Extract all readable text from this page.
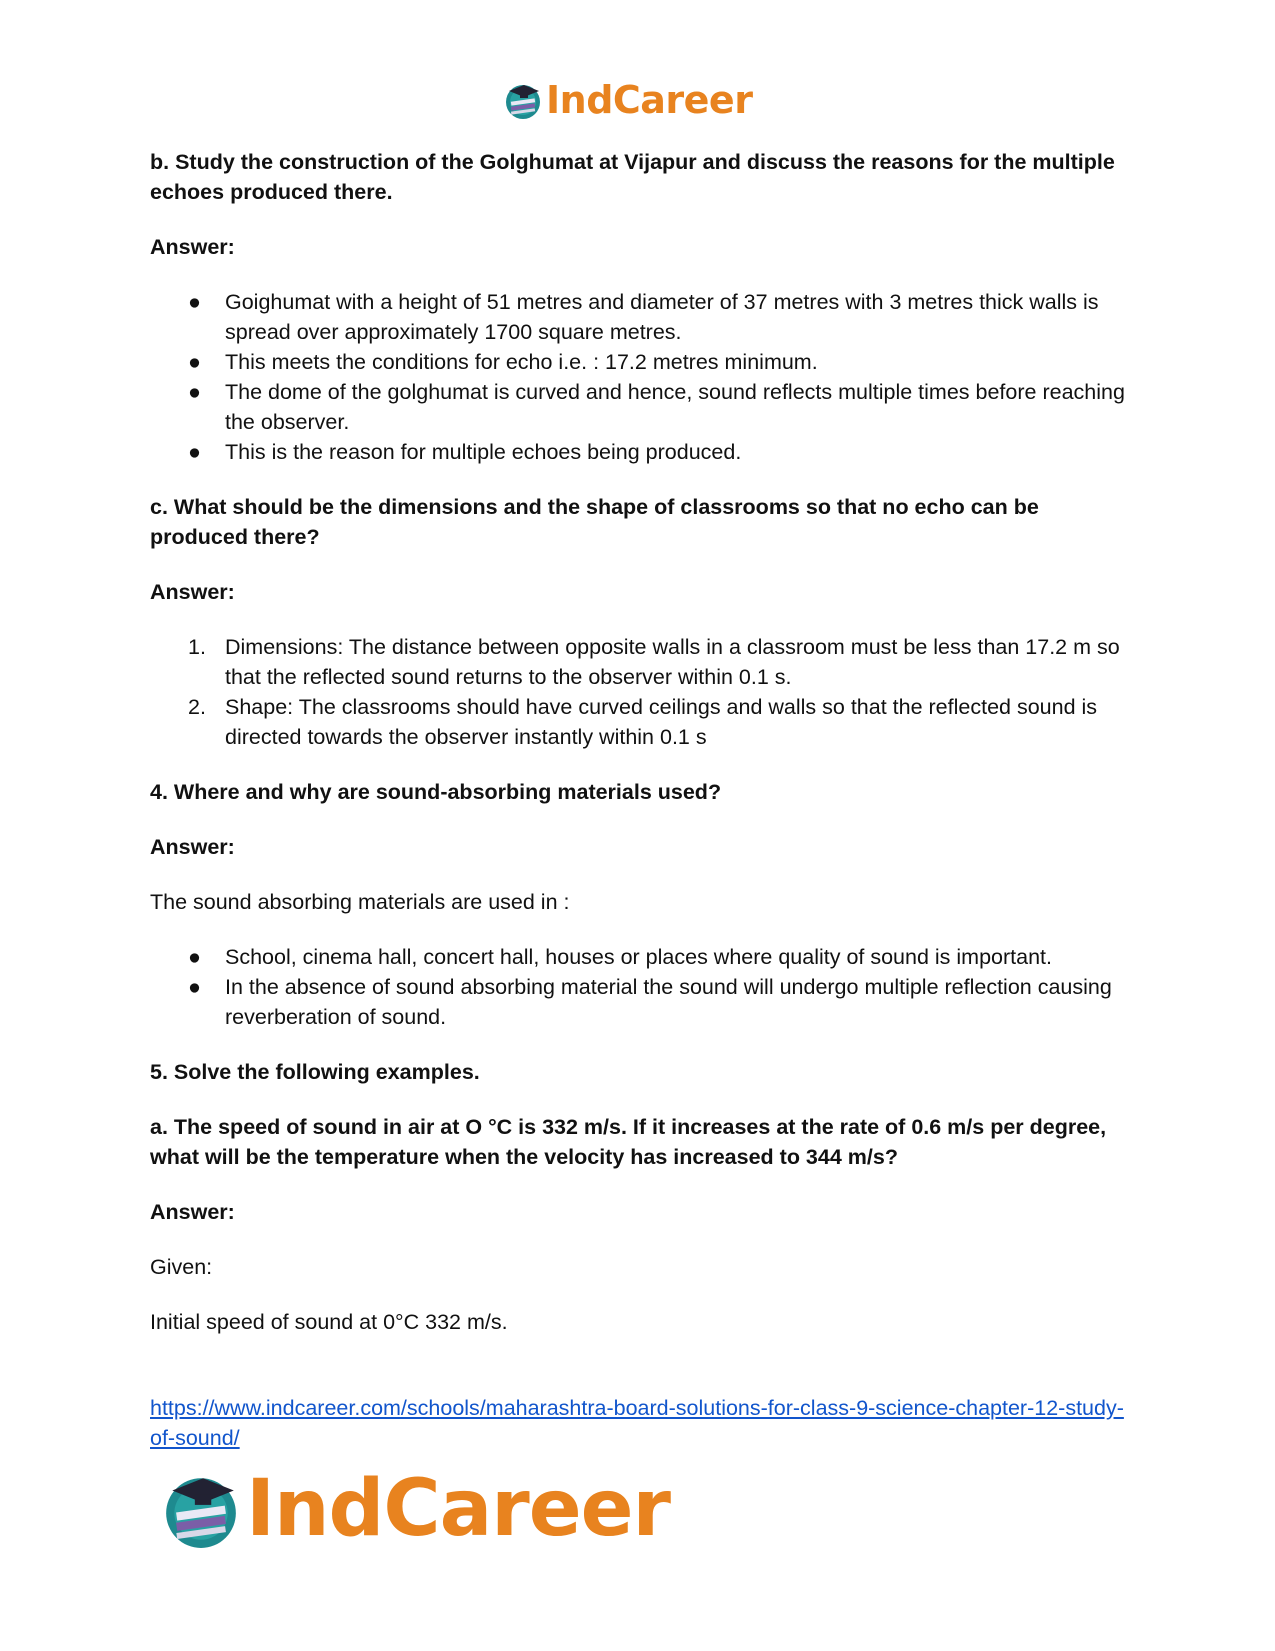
IndCareer

b. Study the construction of the Golghumat at Vijapur and discuss the reasons for the multiple echoes produced there.

Answer:

● Goighumat with a height of 51 metres and diameter of 37 metres with 3 metres thick walls is spread over approximately 1700 square metres.
● This meets the conditions for echo i.e. : 17.2 metres minimum.
● The dome of the golghumat is curved and hence, sound reflects multiple times before reaching the observer.
● This is the reason for multiple echoes being produced.

c. What should be the dimensions and the shape of classrooms so that no echo can be produced there?

Answer:

1. Dimensions: The distance between opposite walls in a classroom must be less than 17.2 m so that the reflected sound returns to the observer within 0.1 s.
2. Shape: The classrooms should have curved ceilings and walls so that the reflected sound is directed towards the observer instantly within 0.1 s

4. Where and why are sound-absorbing materials used?

Answer:

The sound absorbing materials are used in :

● School, cinema hall, concert hall, houses or places where quality of sound is important.
● In the absence of sound absorbing material the sound will undergo multiple reflection causing reverberation of sound.

5. Solve the following examples.

a. The speed of sound in air at O °C is 332 m/s. If it increases at the rate of 0.6 m/s per degree, what will be the temperature when the velocity has increased to 344 m/s?

Answer:

Given:

Initial speed of sound at 0°C 332 m/s.

https://www.indcareer.com/schools/maharashtra-board-solutions-for-class-9-science-chapter-12-study-of-sound/
IndCareer
